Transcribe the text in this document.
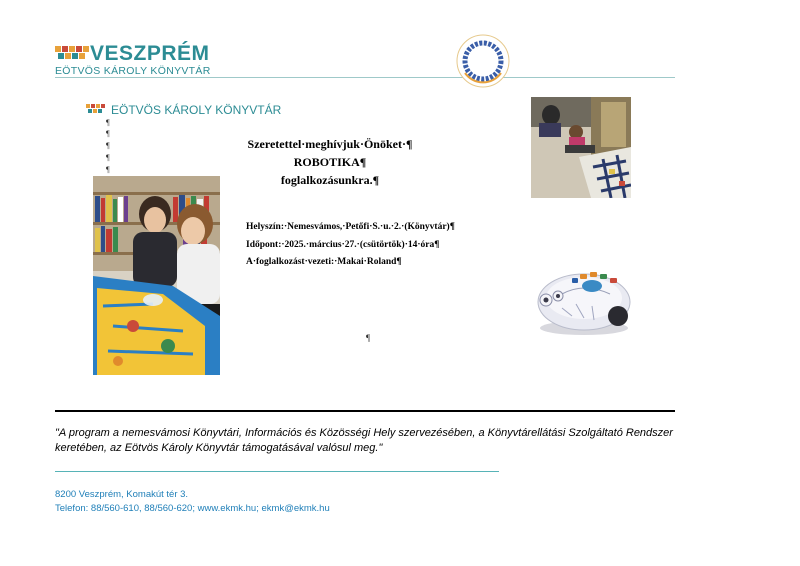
VESZPRÉM
EÖTVÖS KÁROLY KÖNYVTÁR
EÖTVÖS KÁROLY KÖNYVTÁR
¶
¶
¶
¶
¶
Szeretettel·meghívjuk·Önöket·¶
ROBOTIKA¶
foglalkozásunkra.¶
Helyszín:·Nemesvámos,·Petőfi·S.·u.·2.·(Könyvtár)¶
Időpont:·2025.·március·27.·(csütörtök)·14·óra¶
A·foglalkozást·vezeti:·Makai·Roland¶
¶
"A program a nemesvámosi Könyvtári, Információs és Közösségi Hely szervezésében, a Könyvtárellátási Szolgáltató Rendszer keretében, az Eötvös Károly Könyvtár támogatásával valósul meg."
8200 Veszprém, Komakút tér 3.
Telefon: 88/560-610, 88/560-620; www.ekmk.hu; ekmk@ekmk.hu
